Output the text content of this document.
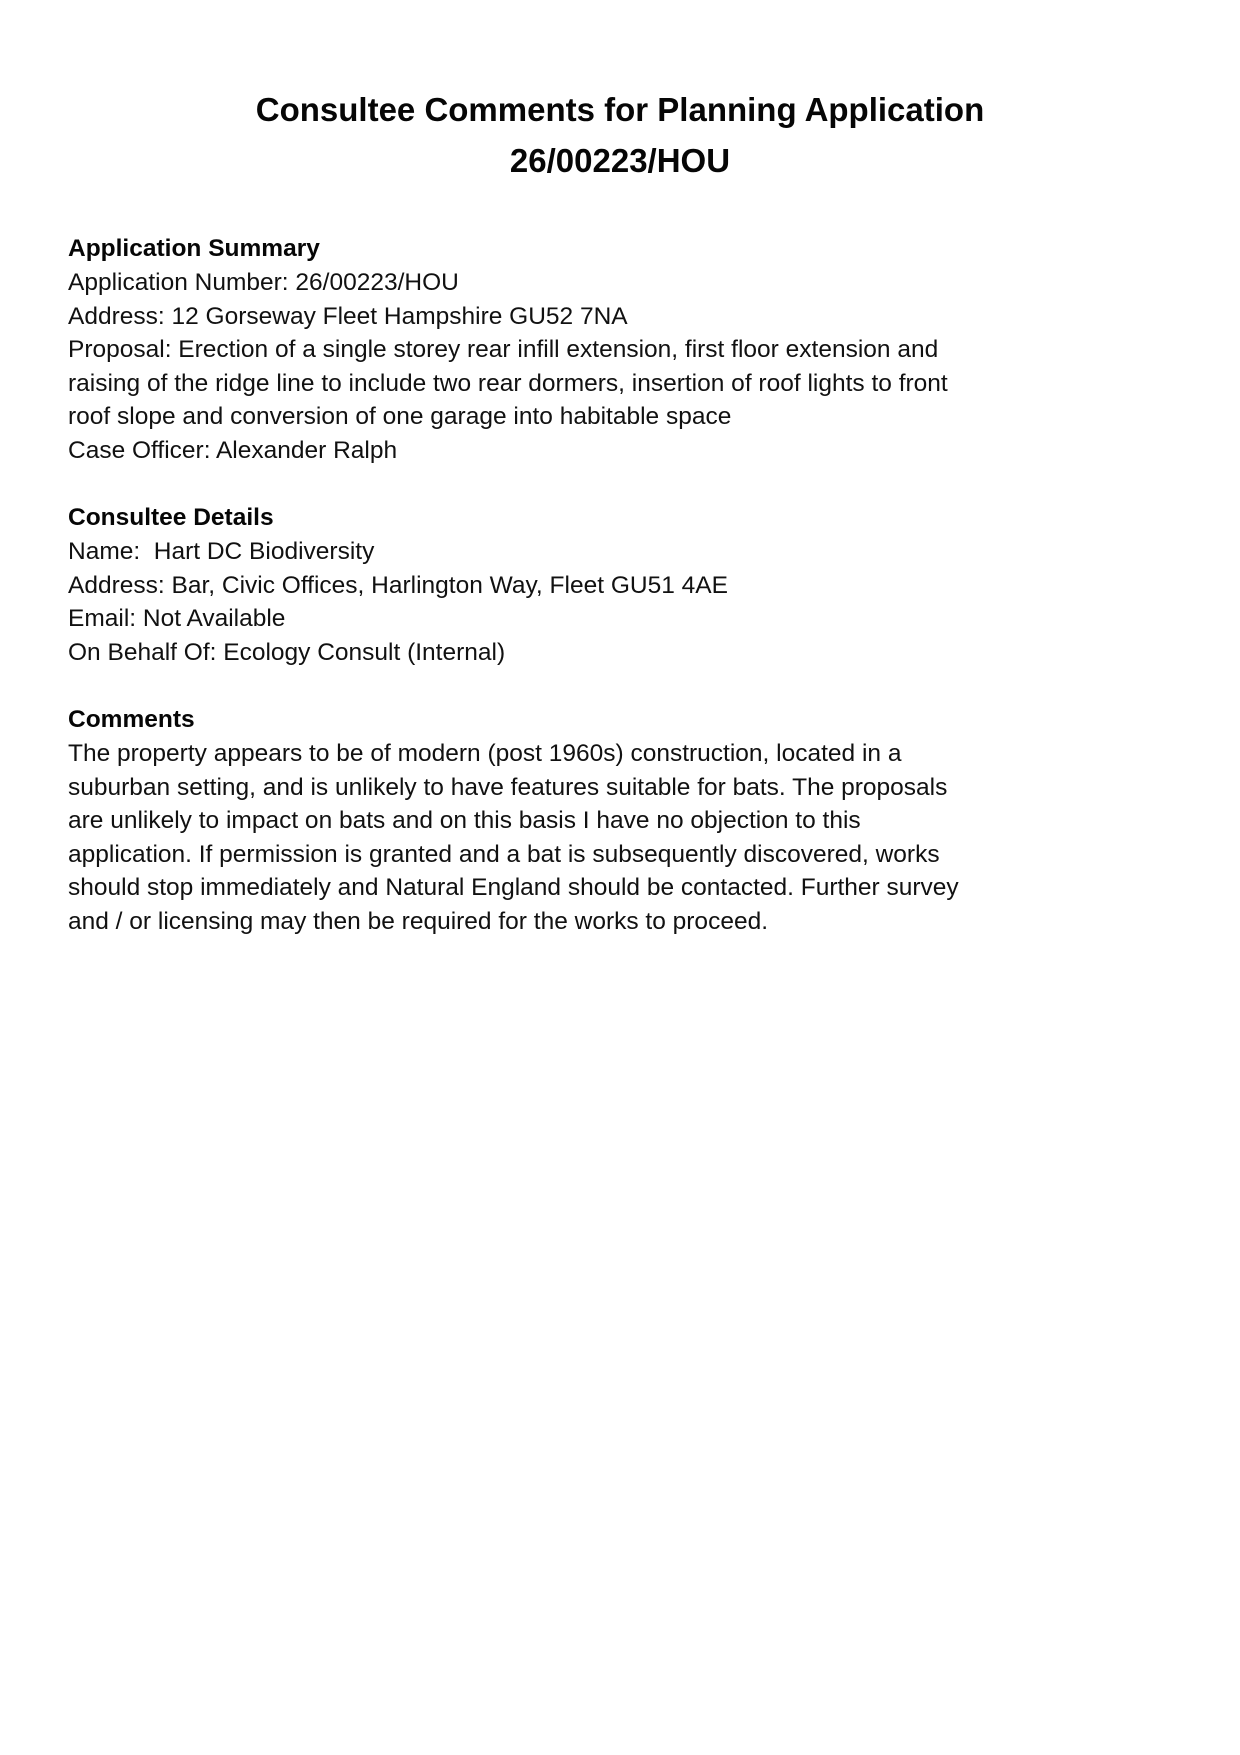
Consultee Comments for Planning Application
26/00223/HOU
Application Summary

Application Number: 26/00223/HOU

Address: 12 Gorseway Fleet Hampshire GU52 7NA

Proposal: Erection of a single storey rear infill extension, first floor extension and raising of the ridge line to include two rear dormers, insertion of roof lights to front roof slope and conversion of one garage into habitable space

Case Officer: Alexander Ralph

Consultee Details

Name:  Hart DC Biodiversity

Address: Bar, Civic Offices, Harlington Way, Fleet GU51 4AE

Email: Not Available

On Behalf Of: Ecology Consult (Internal)

Comments

The property appears to be of modern (post 1960s) construction, located in a suburban setting, and is unlikely to have features suitable for bats. The proposals are unlikely to impact on bats and on this basis I have no objection to this application. If permission is granted and a bat is subsequently discovered, works should stop immediately and Natural England should be contacted. Further survey and / or licensing may then be required for the works to proceed.
